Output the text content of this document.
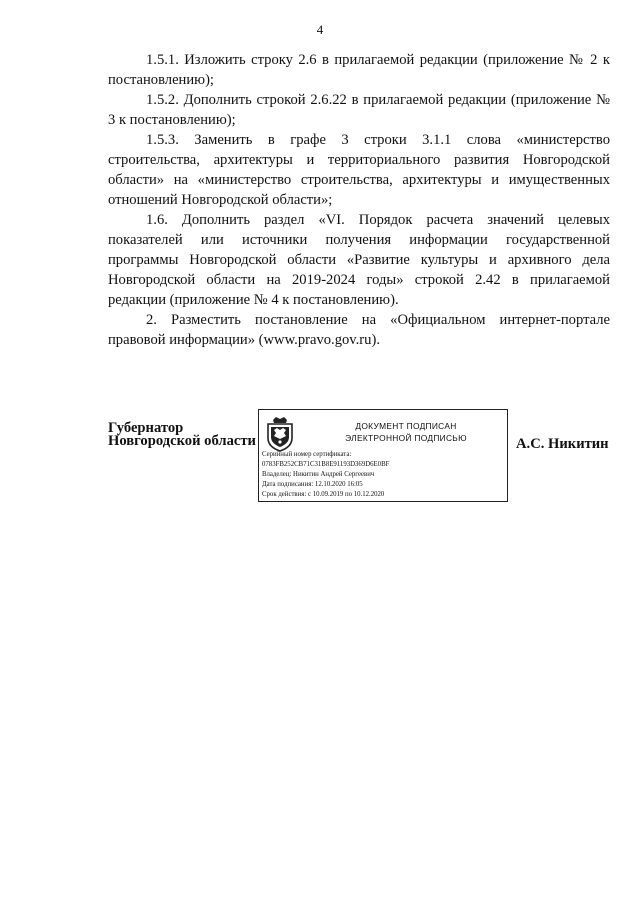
4

1.5.1. Изложить строку 2.6 в прилагаемой редакции (приложение № 2 к постановлению);

1.5.2. Дополнить строкой 2.6.22 в прилагаемой редакции (приложение № 3 к постановлению);

1.5.3. Заменить в графе 3 строки 3.1.1 слова «министерство строительства, архитектуры и территориального развития Новгородской области» на «министерство строительства, архитектуры и имущественных отношений Новгородской области»;

1.6. Дополнить раздел «VI. Порядок расчета значений целевых показателей или источники получения информации государственной программы Новгородской области «Развитие культуры и архивного дела Новгородской области на 2019-2024 годы» строкой 2.42 в прилагаемой редакции (приложение № 4 к постановлению).

2. Разместить постановление на «Официальном интернет-портале правовой информации» (www.pravo.gov.ru).

Губернатор
Новгородской области
ДОКУМЕНТ ПОДПИСАН
ЭЛЕКТРОННОЙ ПОДПИСЬЮ
Серийный номер сертификата:
0783FB252CB71C31B8E91193D369D6E0BF
Владелец: Никитин Андрей Сергеевич
Дата подписания: 12.10.2020 16:05
Срок действия: с 10.09.2019 по 10.12.2020
А.С. Никитин
